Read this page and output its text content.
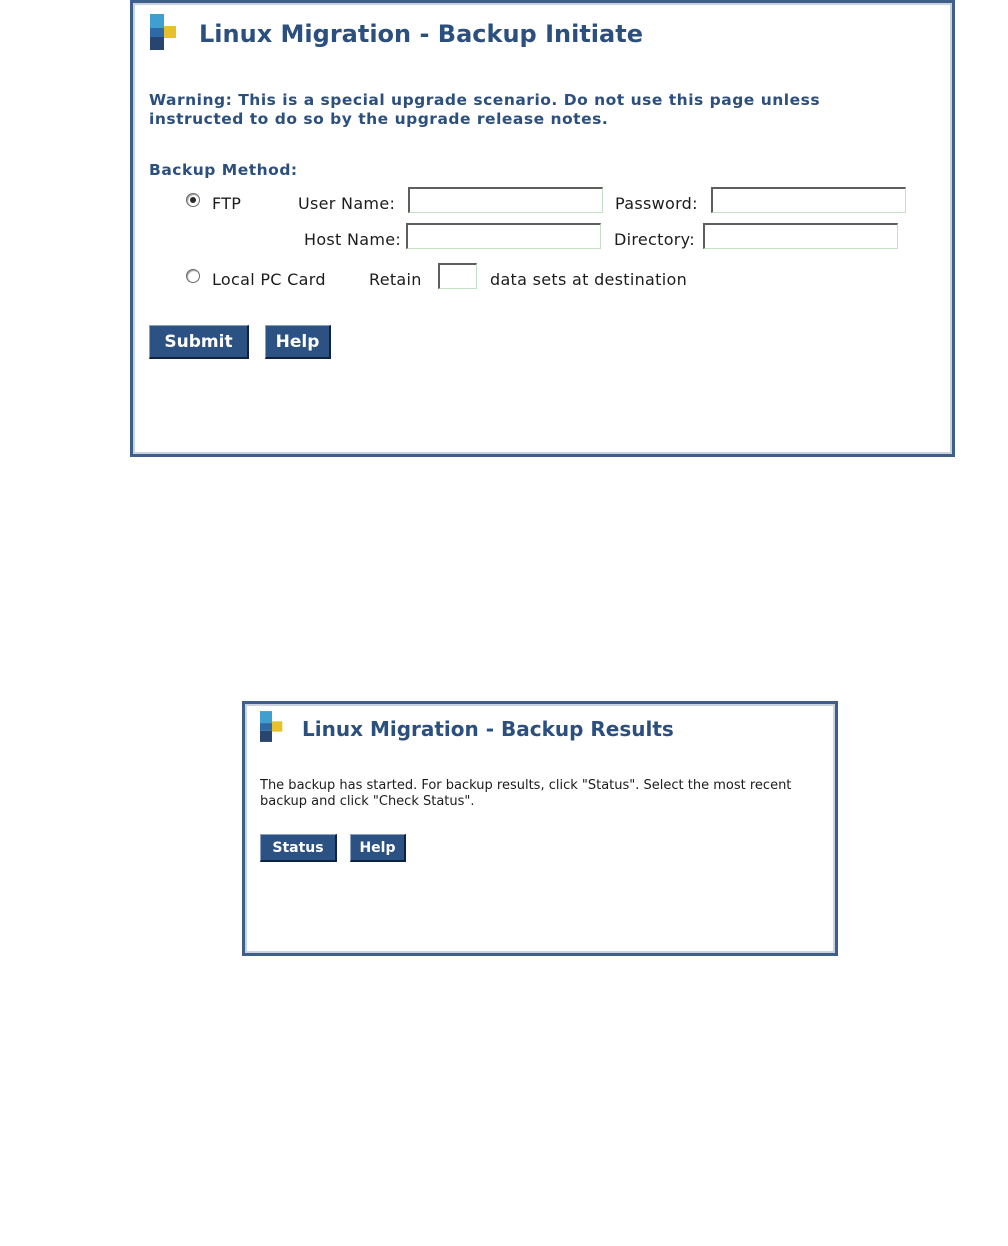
Linux Migration - Backup Initiate
Warning: This is a special upgrade scenario. Do not use this page unless instructed to do so by the upgrade release notes.
Backup Method:
FTP	User Name:	Password:
Host Name:	Directory:
Local PC Card	Retain	data sets at destination
Submit	Help
Linux Migration - Backup Results
The backup has started. For backup results, click "Status". Select the most recent backup and click "Check Status".
Status	Help
